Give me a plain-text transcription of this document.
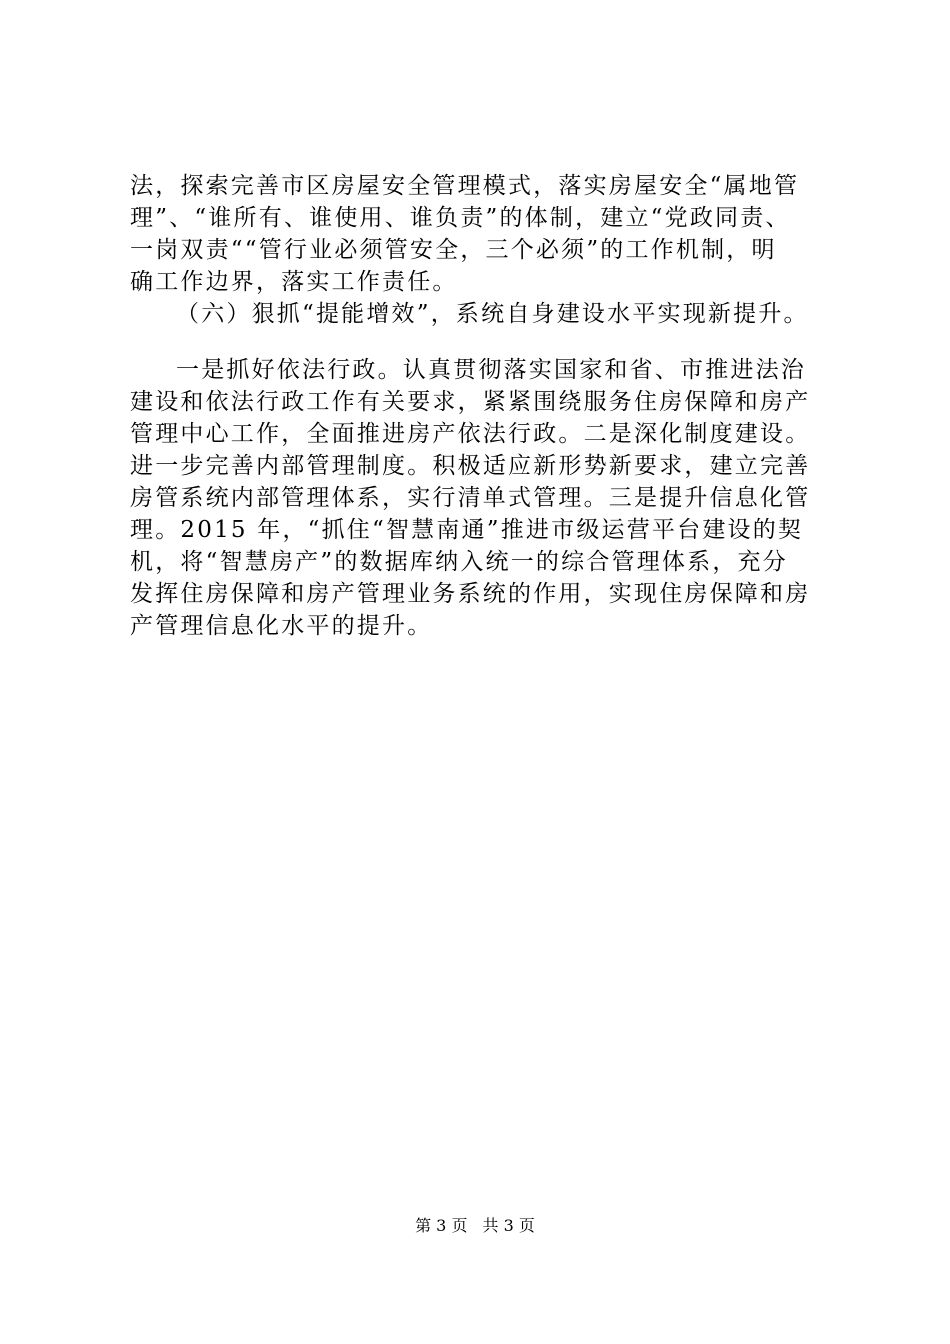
法，探索完善市区房屋安全管理模式，落实房屋安全“属地管
理”、“谁所有、谁使用、谁负责”的体制，建立“党政同责、
一岗双责““管行业必须管安全，三个必须”的工作机制，明
确工作边界，落实工作责任。
（六）狠抓“提能增效”，系统自身建设水平实现新提升。
一是抓好依法行政。认真贯彻落实国家和省、市推进法治
建设和依法行政工作有关要求，紧紧围绕服务住房保障和房产
管理中心工作，全面推进房产依法行政。二是深化制度建设。
进一步完善内部管理制度。积极适应新形势新要求，建立完善
房管系统内部管理体系，实行清单式管理。三是提升信息化管
理。2015 年，“抓住“智慧南通”推进市级运营平台建设的契
机，将“智慧房产”的数据库纳入统一的综合管理体系，充分
发挥住房保障和房产管理业务系统的作用，实现住房保障和房
产管理信息化水平的提升。
第 3 页 共 3 页
